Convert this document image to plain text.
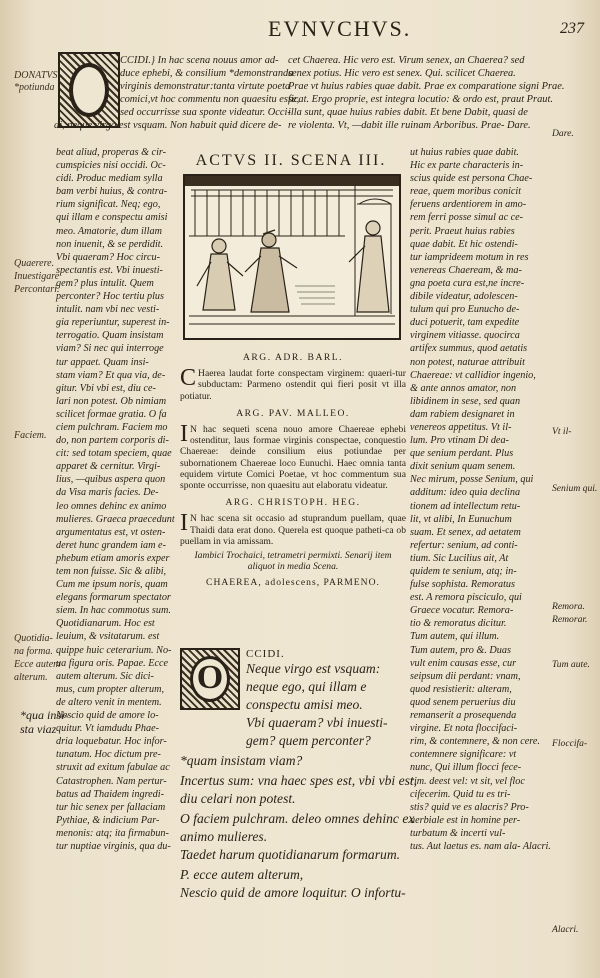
EVNVCHVS.	237
DONATVS
*potiunda
Quaerere.
Inuestigare
Percontari.
Faciem.
Quotidia-
na forma.
Ecce autem
alterum.
*qua insi-
sta viaz
CCIDI.} In hac scena nouus amor ad-
duce ephebi, & consilium *demonstranda
virginis demonstratur:tanta virtute poeta
comici,vt hoc commentu non quaesitu esse,
sed occurrisse sua sponte videatur. Occi-
di, neque virgo est vsquam. Non habuit quid dicere de-
cet Chaerea. Hic vero est. Virum senex, an Chaerea? sed
senex potius. Hic vero est senex. Qui. scilicet Chaerea.
Prae vt huius rabies quae dabit. Prae ex comparatione signi Prae.
ficat. Ergo proprie, est integra locutio: & ordo est, praut Praut.
illa sunt, quae huius rabies dabit. Et bene Dabit, quasi de
re violenta. Vt, —dabit ille ruinam Arboribus. Prae- Dare.
beat aliud, properas & cir-
cumspicies nisi occidi. Oc-
cidi. Produc mediam sylla
bam verbi huius, & contra-
rium significat. Neq; ego,
qui illam e conspectu amisi
meo. Amatorie, dum illam
non inuenit, & se perdidit.
Vbi quaeram? Hoc circu-
spectantis est. Vbi inuesti-
gem? plus intulit. Quem
perconter? Hoc tertiu plus
intulit. nam vbi nec vesti-
gia reperiuntur, superest in-
terrogatio. Quam insistam
viam? Si nec qui interroge
tur appaet. Quam insi-
stam viam? Et qua via, de-
gitur. Vbi vbi est, diu ce-
lari non potest. Ob nimiam
scilicet formae gratia. O fa
ciem pulchram. Faciem mo
do, non partem corporis di-
cit: sed totam speciem, quae
apparet & cernitur. Virgi-
lius, —quibus aspera quon
da Visa maris facies. De-
leo omnes dehinc ex animo
mulieres. Graeca praecedunt
argumentatus est, vt osten-
deret hunc grandem iam e-
phebum etiam amoris exper
tem non fuisse. Sic & alibi,
Cum me ipsum noris, quam
elegans formarum spectator
siem. In hac commotus sum.
Quotidianarum. Hoc est
leuium, & vsitatarum. est
quippe huic ceterarium. No-
ua figura oris. Papae. Ecce
autem alterum. Sic dici-
mus, cum propter alterum,
de altero venit in mentem.
Nescio quid de amore lo-
quitur. Vt iamdudu Phae-
dria loquebatur. Hoc infor-
tunatum. Hoc dictum pre-
struxit ad exitum fabulae ac
Catastrophen. Nam pertur-
batus ad Thaidem ingredi-
tur hic senex per fallaciam
Pythiae, & indicium Par-
menonis: atq; ita firmabun-
tur nuptiae virginis, qua du-
ut huius rabies quae dabit.
Hic ex parte characteris in-
scius quide est persona Chae-
reae, quem moribus conicit
feruens ardentiorem in amo-
rem ferri posse simul ac ce-
perit. Praeut huius rabies
quae dabit. Et hic ostendi-
tur iamprideem motum in res
venereas Chaeream, & ma-
gna poeta cura est,ne incre-
dibile videatur, adolescen-
tulum qui pro Eunucho de-
duci potuerit, tam expedite
virginem vitiasse. quocirca
artifex summus, quod aetatis
non potest, naturae attribuit
Chaereae: vt callidior ingenio,
& ante annos amator, non
libidinem in sese, sed quan
dam rabiem designaret in
venereos appetitus. Vt il-
lum. Pro vtinam Di dea-
que senium perdant. Plus
dixit senium quam senem.
Nec mirum, posse Senium, qui
additum: ideo quia declina
tionem ad intellectum retu-
lit, vt alibi, In Eunuchum
suam. Et senex, ad aetatem
refertur: senium, ad conti-
tium. Sic Lucilius ait, At
quidem te senium, atq; in-
fulse sophista. Remoratus
est. A remora pisciculo, qui
Graece vocatur. Remora-
tio & remoratus dicitur.
Tum autem, qui illum.
Tum autem, pro &. Duas
vult enim causas esse, cur
seipsum dii perdant: vnam,
quod resistierit: alteram,
quod senem peruerius diu
remanserit a prosequenda
virgine. Et nota floccifaci-
rim, & contemnere, & non cere.
contemnere significare: vt
nunc, Qui illum flocci fece-
rim. deest vel: vt sit, vel floc
cifecerim. Quid tu es tri-
stis? quid ve es alacris? Pro-
uerbiale est in homine per-
turbatum & incerti vul-
tus. Aut laetus es. nam ala- Alacri.
Dare.
Vt il-
Senium qui.
Remora.
Remorar.
Tum aute.
Floccifa-
Alacri.
ACTVS II. SCENA III.
ARG. ADR. BARL.
CHaerea laudat forte conspectam virginem: quaeri-tur subductam: Parmeno ostendit qui fieri posit vt illa potiatur.
ARG. PAV. MALLEO.
IN hac sequeti scena nouo amore Chaereae ephebi ostenditur, laus formae virginis conspectae, conquestio Chaereae: deinde consilium eius potiundae per subornationem Chaereae loco Eunuchi. Haec omnia tanta equidem virtute Comici Poetae, vt hoc commentum sua sponte occurrisse, non quaesitu aut elaboratu videatur.
ARG. CHRISTOPH. HEG.
IN hac scena sit occasio ad stuprandum puellam, quae Thaidi data erat dono. Querela est quoque patheti-ca ob puellam in via amissam.
Iambici Trochaici, tetrametri permixti. Senarij item aliquot in media Scena.
CHAEREA, adolescens, PARMENO.
O
CCIDI.
Neque virgo est vsquam:
neque ego, qui illam e
conspectu amisi meo.
Vbi quaeram? vbi inuesti-
gem? quem perconter?
*quam insistam viam?
Incertus sum: vna haec spes est, vbi vbi est,
diu celari non potest.
O faciem pulchram. deleo omnes dehinc ex
animo mulieres.
Taedet harum quotidianarum formarum.
P. ecce autem alterum,
Nescio quid de amore loquitur. O infortu-
